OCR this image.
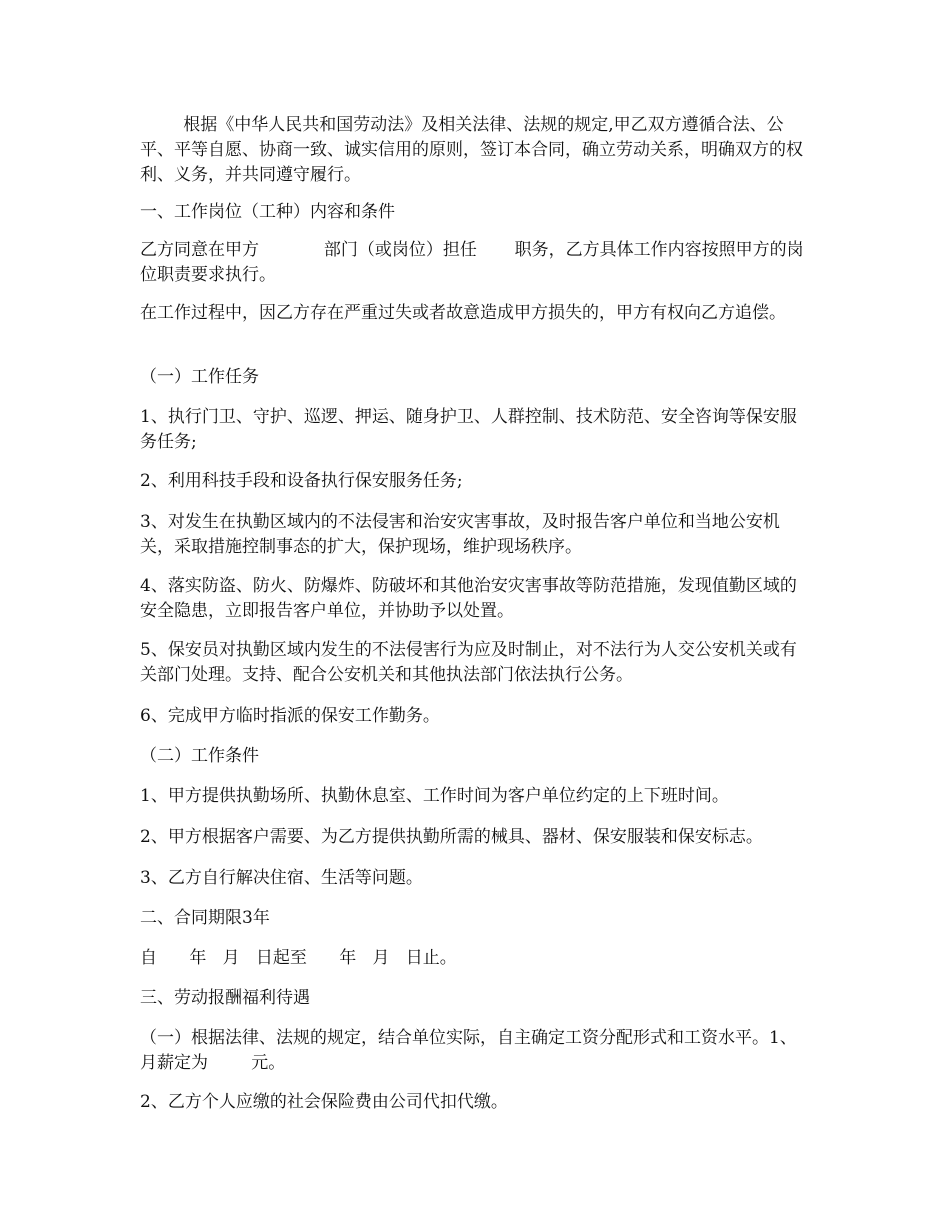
根据《中华人民共和国劳动法》及相关法律、法规的规定,甲乙双方遵循合法、公平、平等自愿、协商一致、诚实信用的原则，签订本合同，确立劳动关系，明确双方的权利、义务，并共同遵守履行。

一、工作岗位（工种）内容和条件

乙方同意在甲方            部门（或岗位）担任       职务，乙方具体工作内容按照甲方的岗位职责要求执行。

在工作过程中，因乙方存在严重过失或者故意造成甲方损失的，甲方有权向乙方追偿。

（一）工作任务

1、执行门卫、守护、巡逻、押运、随身护卫、人群控制、技术防范、安全咨询等保安服务任务;

2、利用科技手段和设备执行保安服务任务;

3、对发生在执勤区域内的不法侵害和治安灾害事故，及时报告客户单位和当地公安机关，采取措施控制事态的扩大，保护现场，维护现场秩序。

4、落实防盗、防火、防爆炸、防破坏和其他治安灾害事故等防范措施，发现值勤区域的安全隐患，立即报告客户单位，并协助予以处置。

5、保安员对执勤区域内发生的不法侵害行为应及时制止，对不法行为人交公安机关或有关部门处理。支持、配合公安机关和其他执法部门依法执行公务。

6、完成甲方临时指派的保安工作勤务。

（二）工作条件

1、甲方提供执勤场所、执勤休息室、工作时间为客户单位约定的上下班时间。

2、甲方根据客户需要、为乙方提供执勤所需的械具、器材、保安服装和保安标志。

3、乙方自行解决住宿、生活等问题。

二、合同期限3年

自      年   月   日起至      年   月   日止。

三、劳动报酬福利待遇

（一）根据法律、法规的规定，结合单位实际，自主确定工资分配形式和工资水平。1、月薪定为        元。

2、乙方个人应缴的社会保险费由公司代扣代缴。
